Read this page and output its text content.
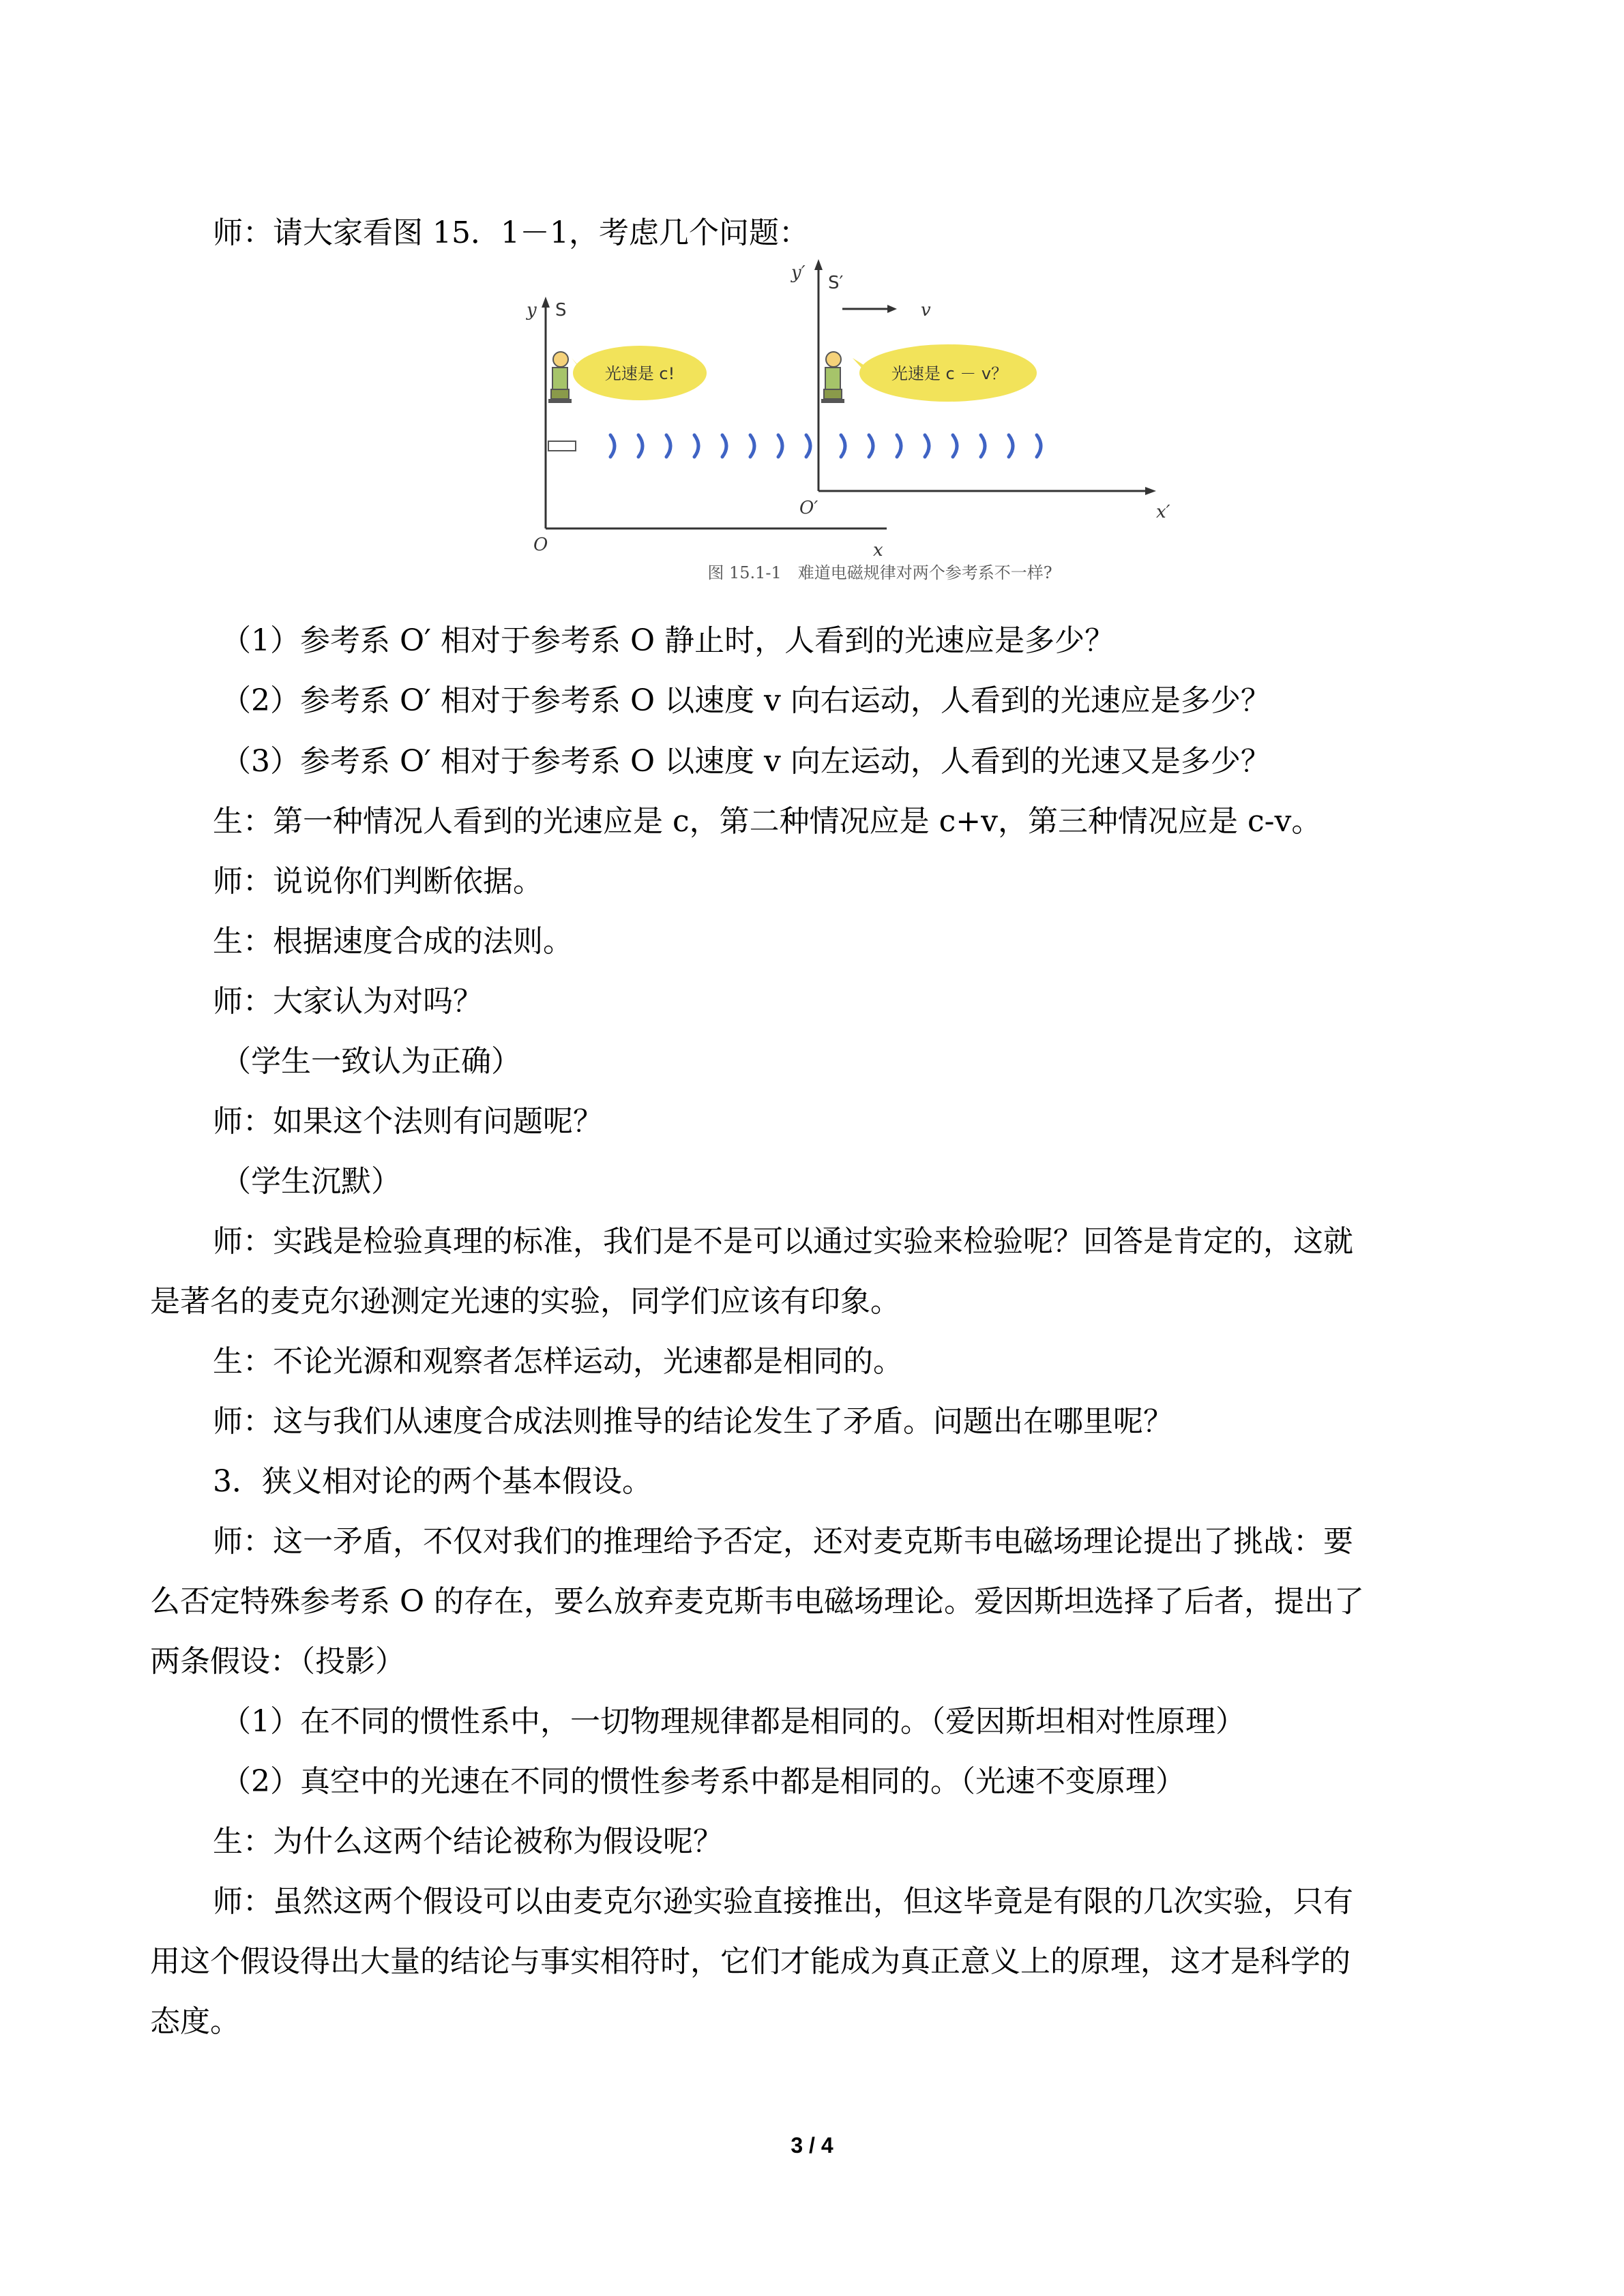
师：请大家看图 15．1－1，考虑几个问题：
y S
O	x
y′ S′
v
O′	x′
光速是 c!	光速是 c － v？
图 15.1-1　难道电磁规律对两个参考系不一样?
（1）参考系 O′ 相对于参考系 O 静止时，人看到的光速应是多少？
（2）参考系 O′ 相对于参考系 O 以速度 v 向右运动，人看到的光速应是多少？
（3）参考系 O′ 相对于参考系 O 以速度 v 向左运动，人看到的光速又是多少？
生：第一种情况人看到的光速应是 c，第二种情况应是 c+v，第三种情况应是 c-v。
师：说说你们判断依据。
生：根据速度合成的法则。
师：大家认为对吗？
（学生一致认为正确）
师：如果这个法则有问题呢？
（学生沉默）
师：实践是检验真理的标准，我们是不是可以通过实验来检验呢？回答是肯定的，这就
是著名的麦克尔逊测定光速的实验，同学们应该有印象。
生：不论光源和观察者怎样运动，光速都是相同的。
师：这与我们从速度合成法则推导的结论发生了矛盾。问题出在哪里呢？
3．狭义相对论的两个基本假设。
师：这一矛盾，不仅对我们的推理给予否定，还对麦克斯韦电磁场理论提出了挑战：要
么否定特殊参考系 O 的存在，要么放弃麦克斯韦电磁场理论。爱因斯坦选择了后者，提出了
两条假设：（投影）
（1）在不同的惯性系中，一切物理规律都是相同的。（爱因斯坦相对性原理）
（2）真空中的光速在不同的惯性参考系中都是相同的。（光速不变原理）
生：为什么这两个结论被称为假设呢？
师：虽然这两个假设可以由麦克尔逊实验直接推出，但这毕竟是有限的几次实验，只有
用这个假设得出大量的结论与事实相符时，它们才能成为真正意义上的原理，这才是科学的
态度。
3 / 4
